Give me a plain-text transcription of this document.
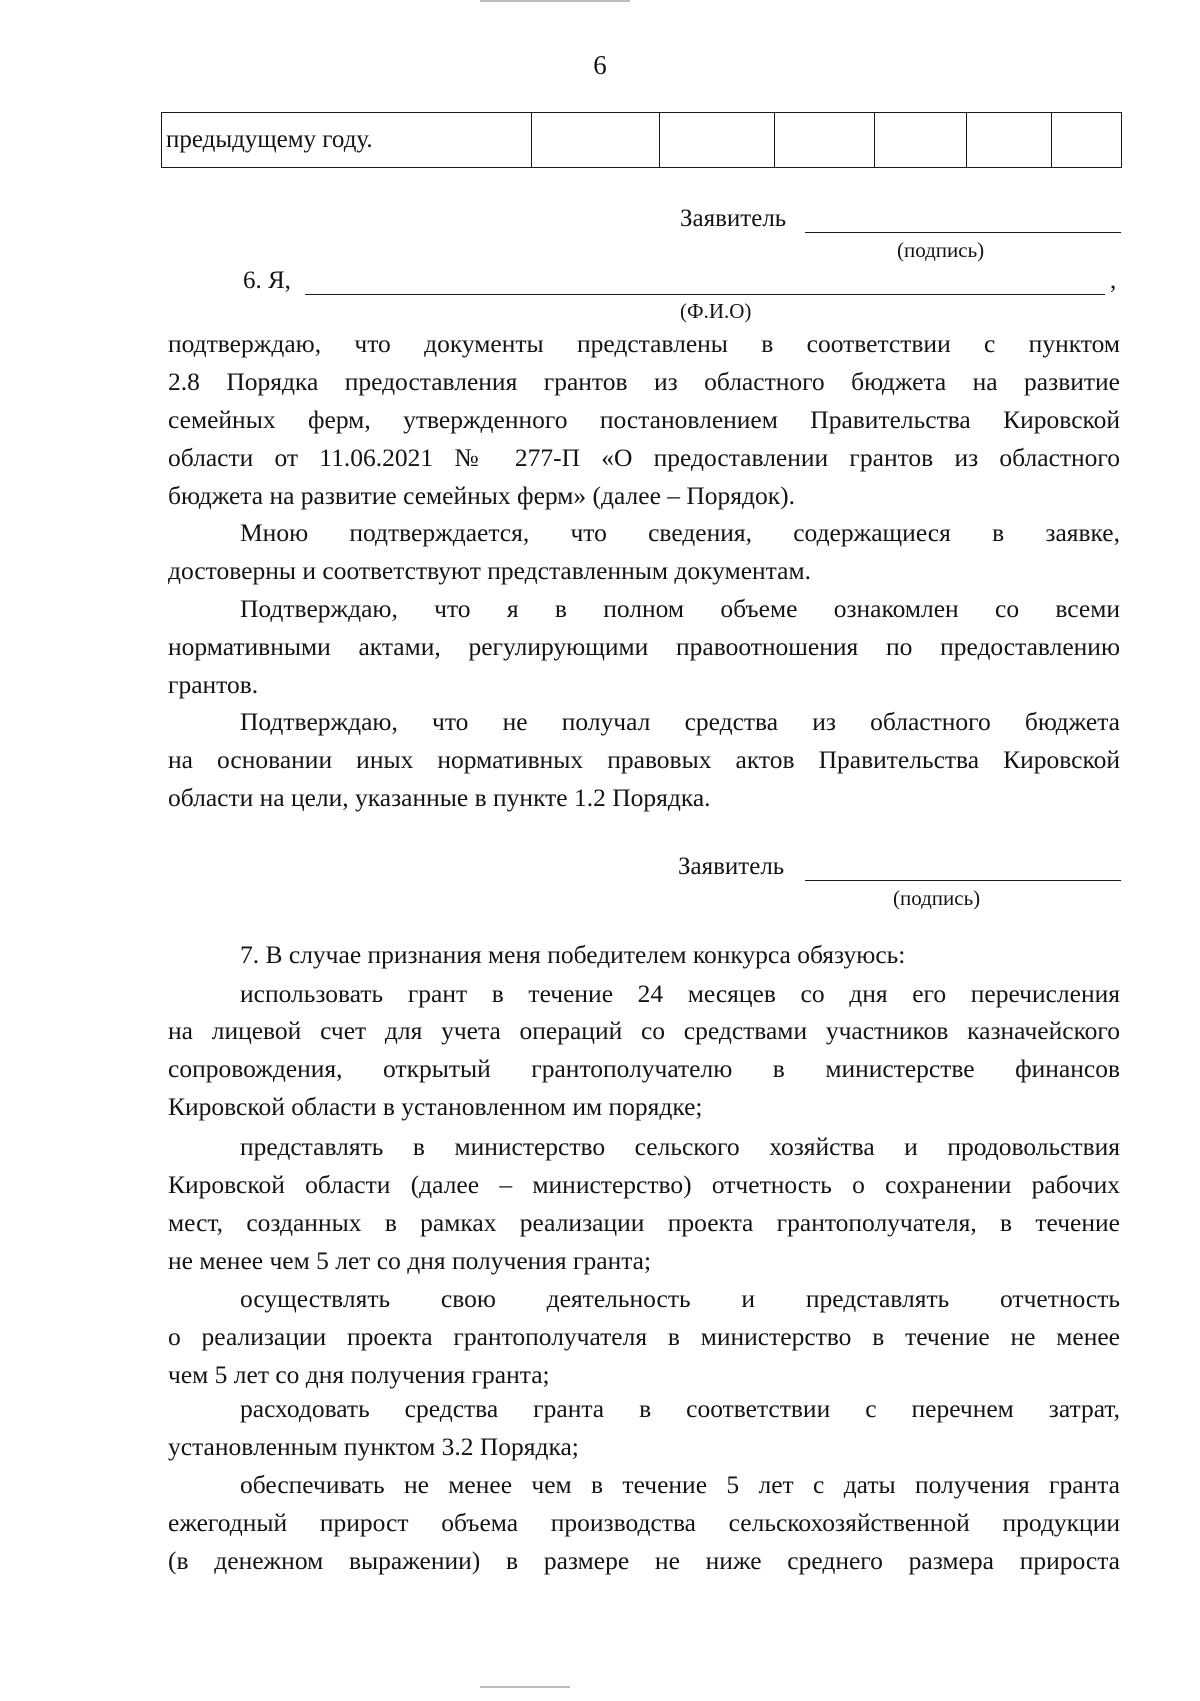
6
предыдущему году.						
Заявитель
(подпись)
6. Я,	,
(Ф.И.О)
подтверждаю, что документы представлены в соответствии с пунктом
2.8 Порядка предоставления грантов из областного бюджета на развитие
семейных ферм, утвержденного постановлением Правительства Кировской
области от 11.06.2021 № 277-П «О предоставлении грантов из областного
бюджета на развитие семейных ферм» (далее – Порядок).
Мною подтверждается, что сведения, содержащиеся в заявке,
достоверны и соответствуют представленным документам.
Подтверждаю, что я в полном объеме ознакомлен со всеми
нормативными актами, регулирующими правоотношения по предоставлению
грантов.
Подтверждаю, что не получал средства из областного бюджета
на основании иных нормативных правовых актов Правительства Кировской
области на цели, указанные в пункте 1.2 Порядка.
Заявитель
(подпись)
7. В случае признания меня победителем конкурса обязуюсь:
использовать грант в течение 24 месяцев со дня его перечисления
на лицевой счет для учета операций со средствами участников казначейского
сопровождения, открытый грантополучателю в министерстве финансов
Кировской области в установленном им порядке;
представлять в министерство сельского хозяйства и продовольствия
Кировской области (далее – министерство) отчетность о сохранении рабочих
мест, созданных в рамках реализации проекта грантополучателя, в течение
не менее чем 5 лет со дня получения гранта;
осуществлять свою деятельность и представлять отчетность
о реализации проекта грантополучателя в министерство в течение не менее
чем 5 лет со дня получения гранта;
расходовать средства гранта в соответствии с перечнем затрат,
установленным пунктом 3.2 Порядка;
обеспечивать не менее чем в течение 5 лет с даты получения гранта
ежегодный прирост объема производства сельскохозяйственной продукции
(в денежном выражении) в размере не ниже среднего размера прироста
